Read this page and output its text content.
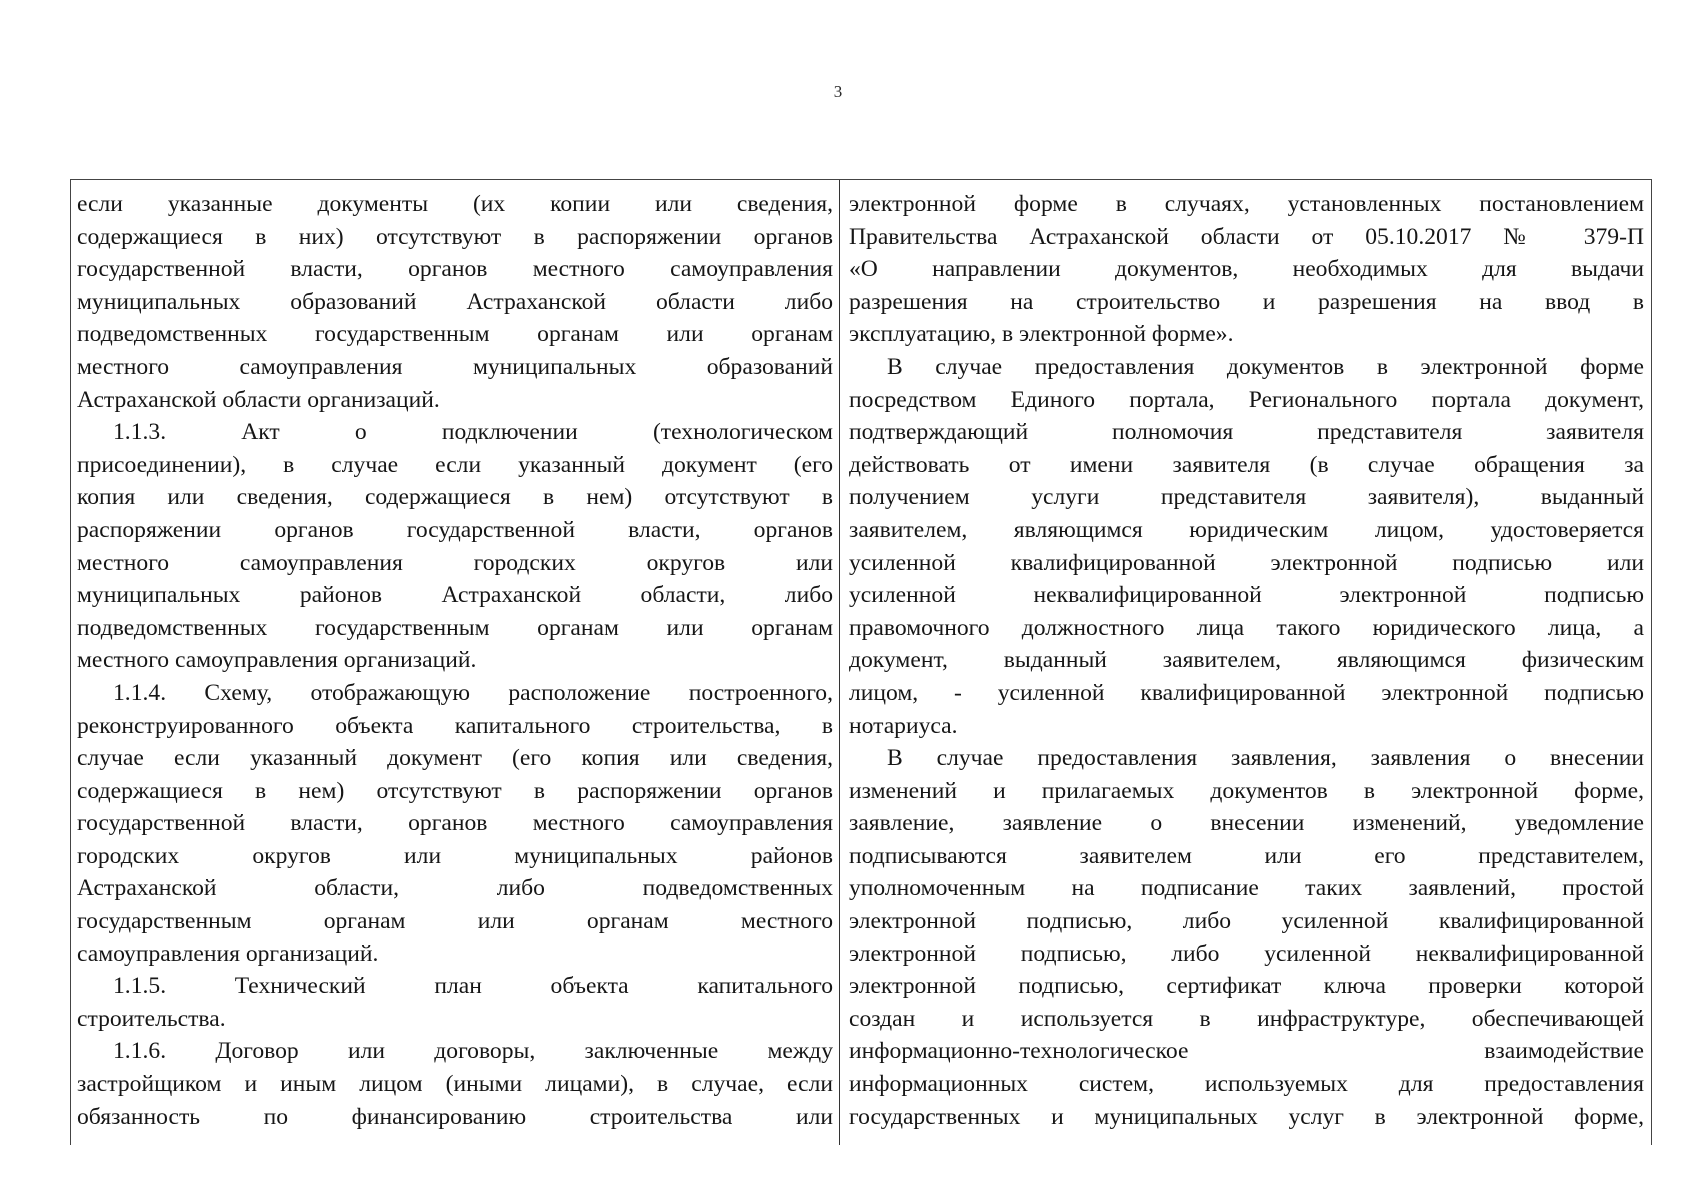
3
если указанные документы (их копии или сведения,
содержащиеся в них) отсутствуют в распоряжении органов
государственной власти, органов местного самоуправления
муниципальных образований Астраханской области либо
подведомственных государственным органам или органам
местного самоуправления муниципальных образований
Астраханской области организаций.
1.1.3. Акт о подключении (технологическом
присоединении), в случае если указанный документ (его
копия или сведения, содержащиеся в нем) отсутствуют в
распоряжении органов государственной власти, органов
местного самоуправления городских округов или
муниципальных районов Астраханской области, либо
подведомственных государственным органам или органам
местного самоуправления организаций.
1.1.4. Схему, отображающую расположение построенного,
реконструированного объекта капитального строительства, в
случае если указанный документ (его копия или сведения,
содержащиеся в нем) отсутствуют в распоряжении органов
государственной власти, органов местного самоуправления
городских округов или муниципальных районов
Астраханской области, либо подведомственных
государственным органам или органам местного
самоуправления организаций.
1.1.5. Технический план объекта капитального
строительства.
1.1.6. Договор или договоры, заключенные между
застройщиком и иным лицом (иными лицами), в случае, если
обязанность по финансированию строительства или
электронной форме в случаях, установленных постановлением
Правительства Астраханской области от 05.10.2017 № 379-П
«О направлении документов, необходимых для выдачи
разрешения на строительство и разрешения на ввод в
эксплуатацию, в электронной форме».
В случае предоставления документов в электронной форме
посредством Единого портала, Регионального портала документ,
подтверждающий полномочия представителя заявителя
действовать от имени заявителя (в случае обращения за
получением услуги представителя заявителя), выданный
заявителем, являющимся юридическим лицом, удостоверяется
усиленной квалифицированной электронной подписью или
усиленной неквалифицированной электронной подписью
правомочного должностного лица такого юридического лица, а
документ, выданный заявителем, являющимся физическим
лицом, - усиленной квалифицированной электронной подписью
нотариуса.
В случае предоставления заявления, заявления о внесении
изменений и прилагаемых документов в электронной форме,
заявление, заявление о внесении изменений, уведомление
подписываются заявителем или его представителем,
уполномоченным на подписание таких заявлений, простой
электронной подписью, либо усиленной квалифицированной
электронной подписью, либо усиленной неквалифицированной
электронной подписью, сертификат ключа проверки которой
создан и используется в инфраструктуре, обеспечивающей
информационно-технологическое взаимодействие
информационных систем, используемых для предоставления
государственных и муниципальных услуг в электронной форме,
